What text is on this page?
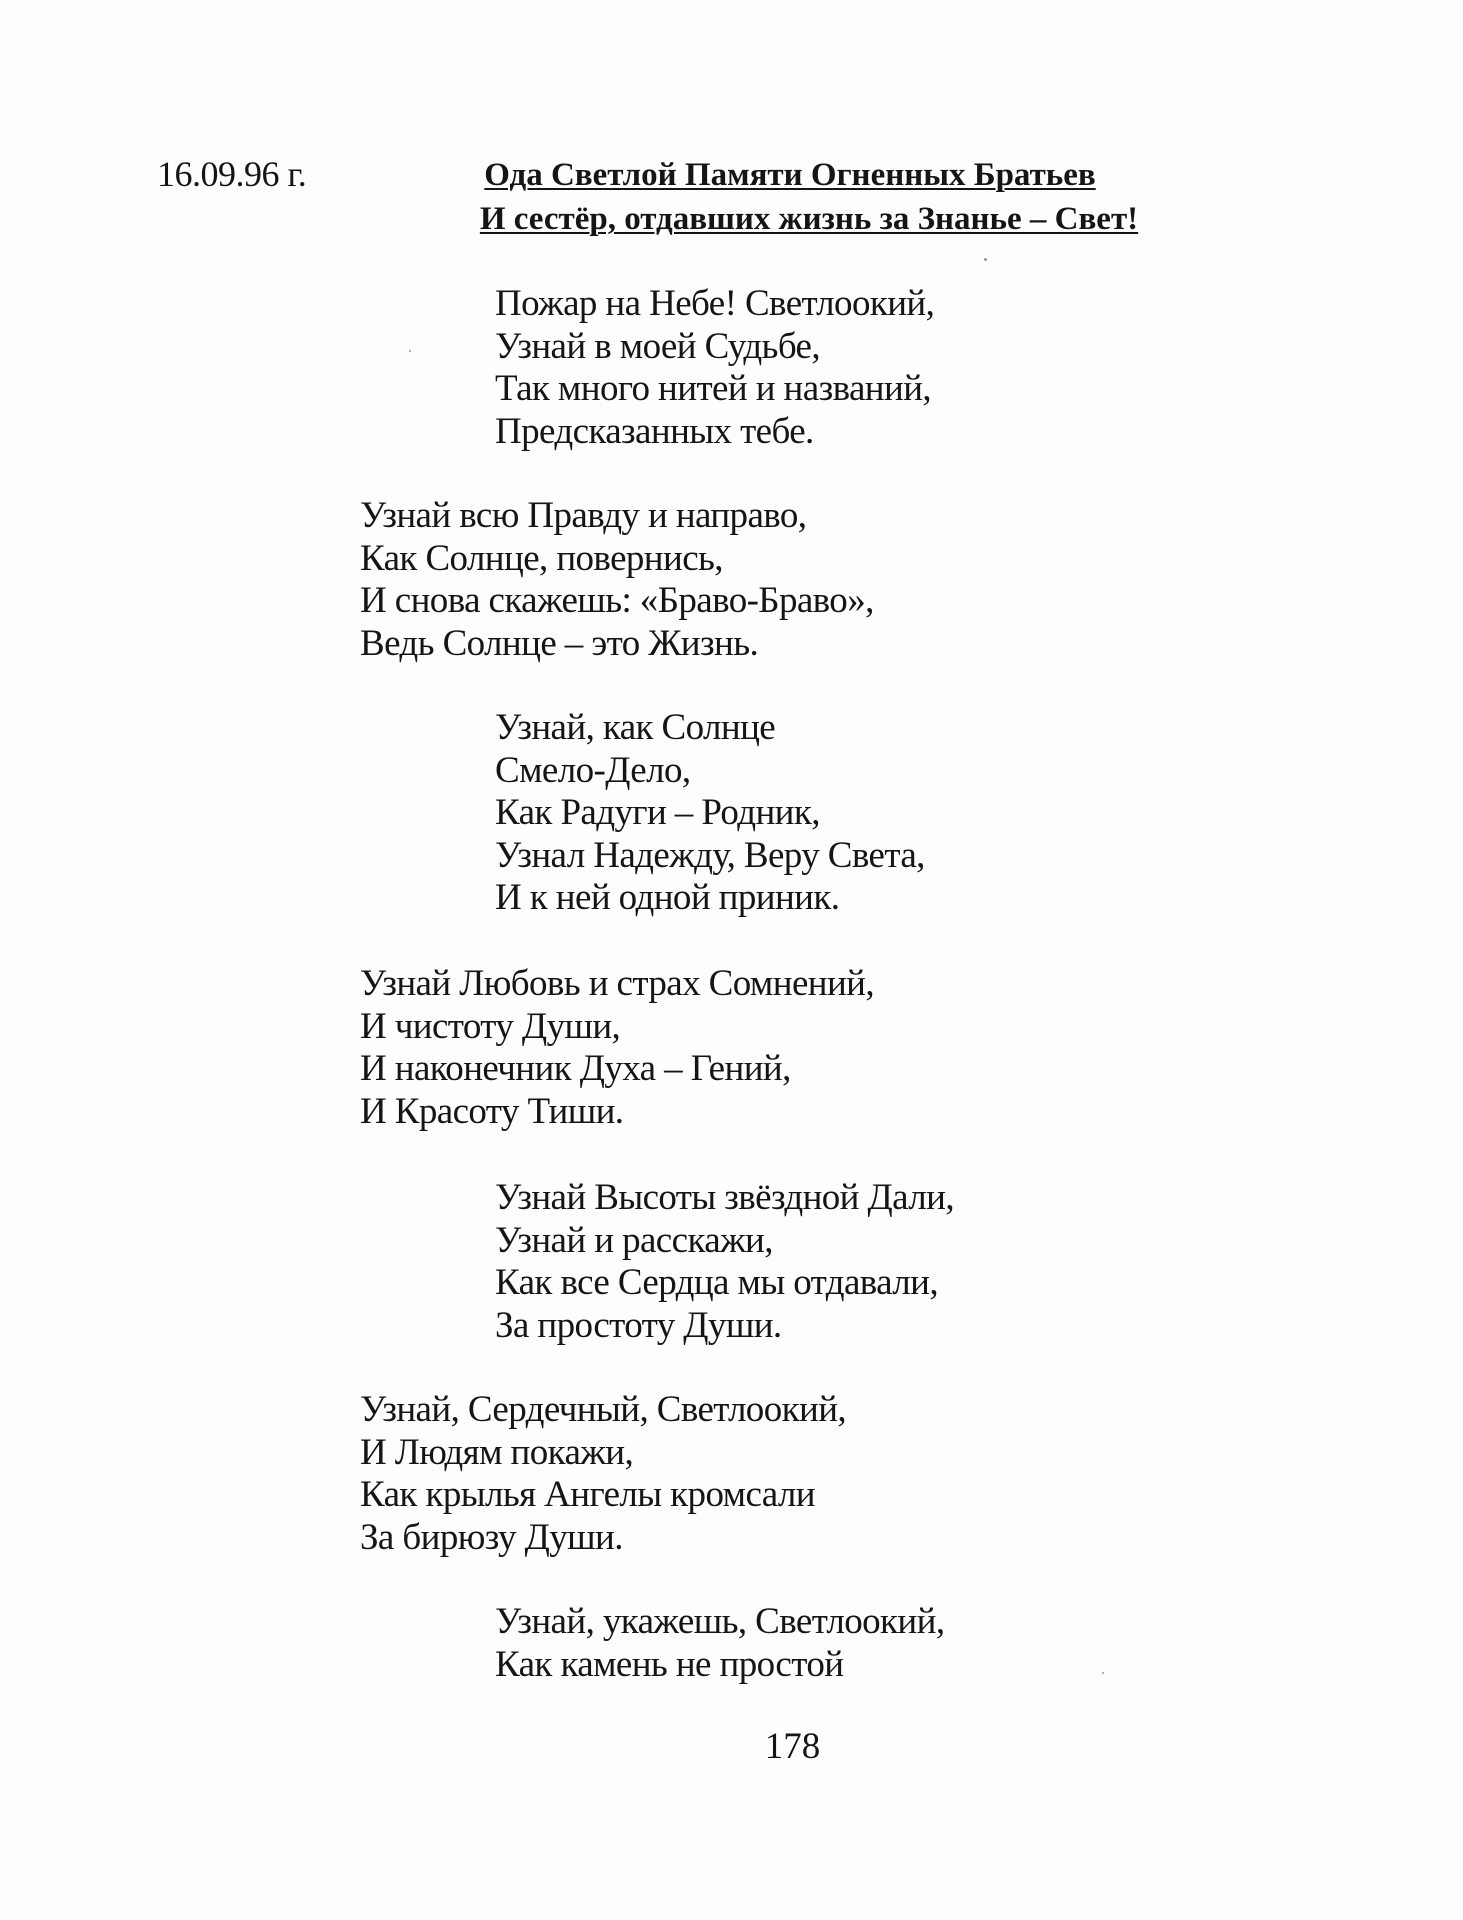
16.09.96 г.	Ода Светлой Памяти Огненных Братьев
И сестёр, отдавших жизнь за Знанье – Свет!
Пожар на Небе! Светлоокий,
Узнай в моей Судьбе,
Так много нитей и названий,
Предсказанных тебе.
Узнай всю Правду и направо,
Как Солнце, повернись,
И снова скажешь: «Браво-Браво»,
Ведь Солнце – это Жизнь.
Узнай, как Солнце
Смело-Дело,
Как Радуги – Родник,
Узнал Надежду, Веру Света,
И к ней одной приник.
Узнай Любовь и страх Сомнений,
И чистоту Души,
И наконечник Духа – Гений,
И Красоту Тиши.
Узнай Высоты звёздной Дали,
Узнай и расскажи,
Как все Сердца мы отдавали,
За простоту Души.
Узнай, Сердечный, Светлоокий,
И Людям покажи,
Как крылья Ангелы кромсали
За бирюзу Души.
Узнай, укажешь, Светлоокий,
Как камень не простой
178
